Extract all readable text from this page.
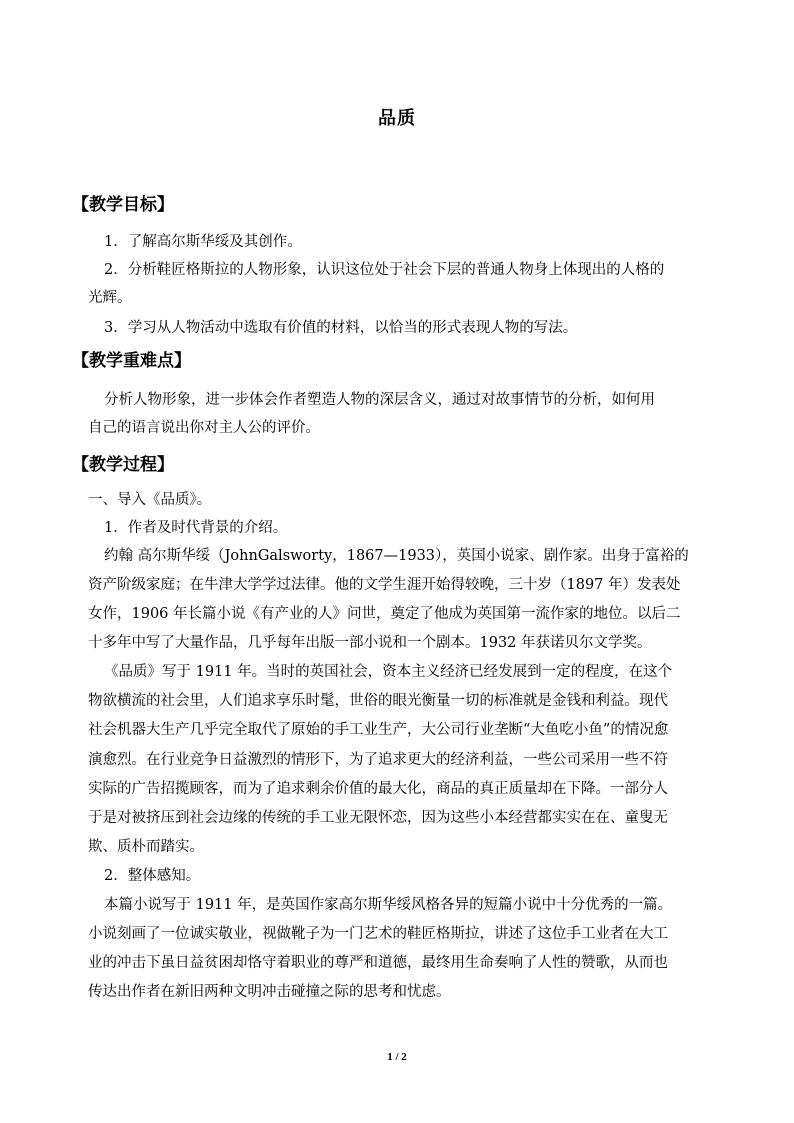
品质
【教学目标】
1．了解高尔斯华绥及其创作。
2．分析鞋匠格斯拉的人物形象，认识这位处于社会下层的普通人物身上体现出的人格的
光辉。
3．学习从人物活动中选取有价值的材料，以恰当的形式表现人物的写法。
【教学重难点】
分析人物形象，进一步体会作者塑造人物的深层含义，通过对故事情节的分析，如何用
自己的语言说出你对主人公的评价。
【教学过程】
一、导入《品质》。
1．作者及时代背景的介绍。
约翰 高尔斯华绥（JohnGalsworty，1867—1933），英国小说家、剧作家。出身于富裕的
资产阶级家庭；在牛津大学学过法律。他的文学生涯开始得较晚，三十岁（1897 年）发表处
女作，1906 年长篇小说《有产业的人》问世，奠定了他成为英国第一流作家的地位。以后二
十多年中写了大量作品，几乎每年出版一部小说和一个剧本。1932 年获诺贝尔文学奖。
《品质》写于 1911 年。当时的英国社会，资本主义经济已经发展到一定的程度，在这个
物欲横流的社会里，人们追求享乐时髦，世俗的眼光衡量一切的标准就是金钱和利益。现代
社会机器大生产几乎完全取代了原始的手工业生产，大公司行业垄断“大鱼吃小鱼”的情况愈
演愈烈。在行业竞争日益激烈的情形下，为了追求更大的经济利益，一些公司采用一些不符
实际的广告招揽顾客，而为了追求剩余价值的最大化，商品的真正质量却在下降。一部分人
于是对被挤压到社会边缘的传统的手工业无限怀恋，因为这些小本经营都实实在在、童叟无
欺、质朴而踏实。
2．整体感知。
本篇小说写于 1911 年，是英国作家高尔斯华绥风格各异的短篇小说中十分优秀的一篇。
小说刻画了一位诚实敬业，视做靴子为一门艺术的鞋匠格斯拉，讲述了这位手工业者在大工
业的冲击下虽日益贫困却恪守着职业的尊严和道德，最终用生命奏响了人性的赞歌，从而也
传达出作者在新旧两种文明冲击碰撞之际的思考和忧虑。
1 / 2
